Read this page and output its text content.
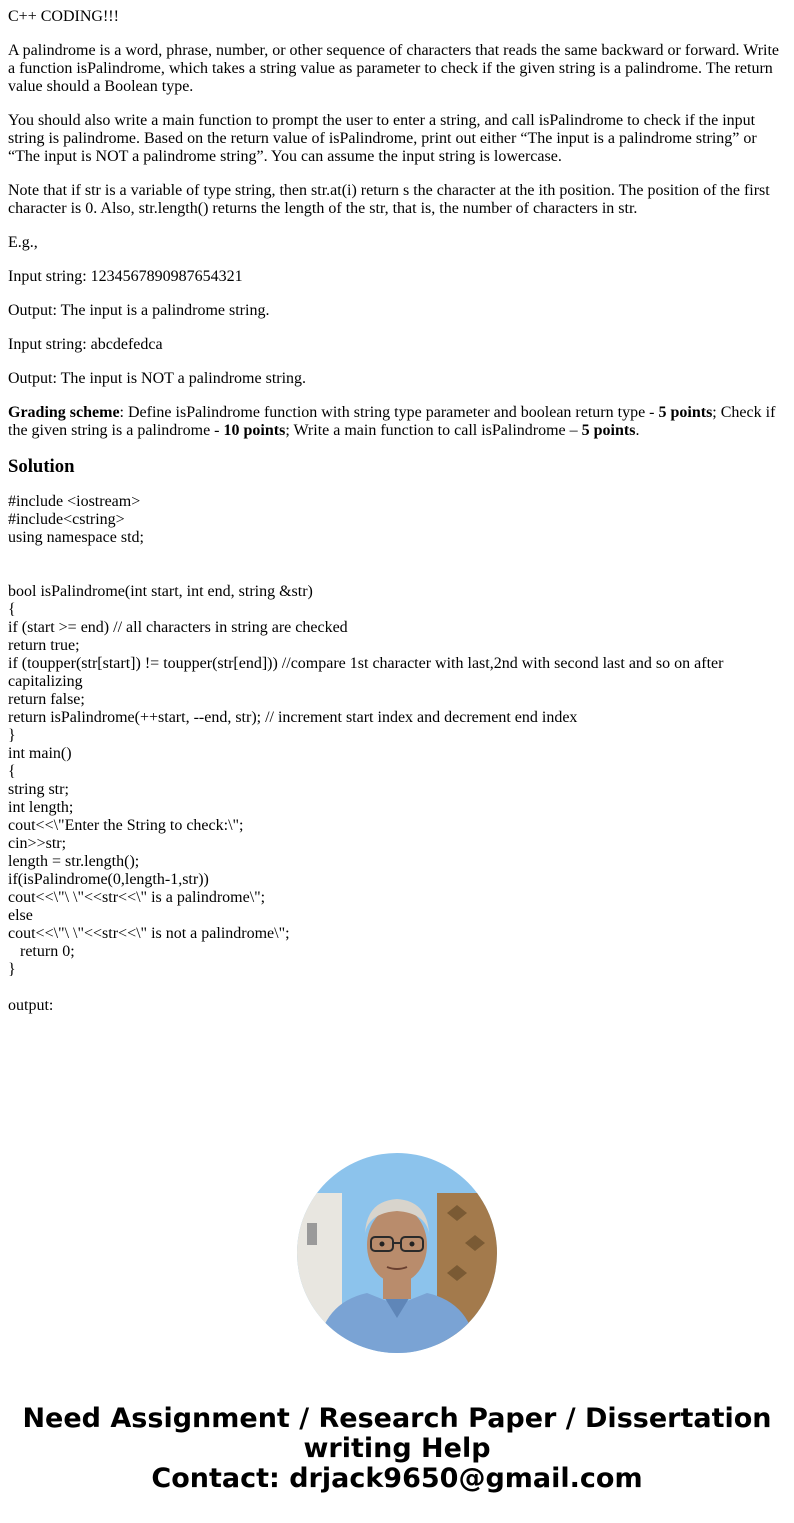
C++ CODING!!!

A palindrome is a word, phrase, number, or other sequence of characters that reads the same backward or forward. Write a function isPalindrome, which takes a string value as parameter to check if the given string is a palindrome. The return value should a Boolean type.

You should also write a main function to prompt the user to enter a string, and call isPalindrome to check if the input string is palindrome. Based on the return value of isPalindrome, print out either “The input is a palindrome string” or “The input is NOT a palindrome string”. You can assume the input string is lowercase.

Note that if str is a variable of type string, then str.at(i) return s the character at the ith position. The position of the first character is 0. Also, str.length() returns the length of the str, that is, the number of characters in str.

E.g.,

Input string: 1234567890987654321

Output: The input is a palindrome string.

Input string: abcdefedca

Output: The input is NOT a palindrome string.

Grading scheme: Define isPalindrome function with string type parameter and boolean return type - 5 points; Check if the given string is a palindrome - 10 points; Write a main function to call isPalindrome – 5 points.

Solution
#include <iostream>
#include<cstring>
using namespace std;
bool isPalindrome(int start, int end, string &str)
{
if (start >= end) // all characters in string are checked
return true;
if (toupper(str[start]) != toupper(str[end])) //compare 1st character with last,2nd with second last and so on after capitalizing
return false;
return isPalindrome(++start, --end, str); // increment start index and decrement end index
}
int main()
{
string str;
int length;
cout<<\"Enter the String to check:\";
cin>>str;
length = str.length();
if(isPalindrome(0,length-1,str))
cout<<\"\ \"<<str<<\" is a palindrome\";
else
cout<<\"\ \"<<str<<\" is not a palindrome\";
return 0;
}
output:
Need Assignment / Research Paper / Dissertation
writing Help
Contact: drjack9650@gmail.com
